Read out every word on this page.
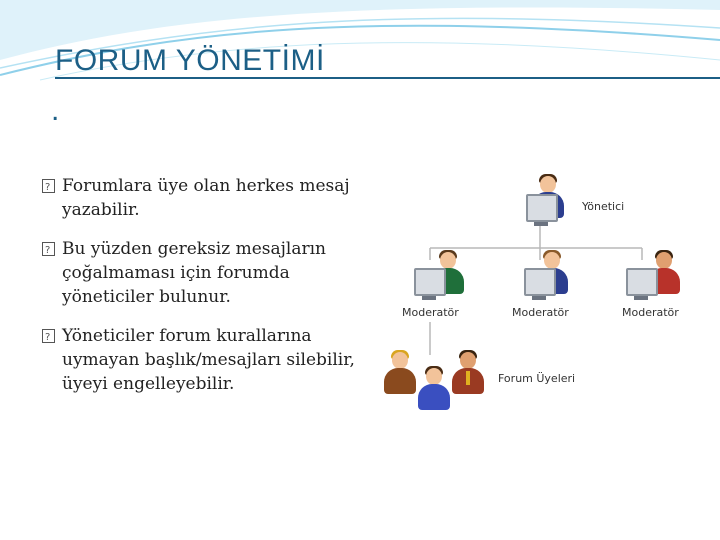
FORUM YÖNETİMİ
.
?
Forumlara üye olan herkes mesaj yazabilir.
?
Bu yüzden gereksiz mesajların çoğalmaması için forumda yöneticiler bulunur.
?
Yöneticiler forum kurallarına uymayan başlık/mesajları silebilir, üyeyi engelleyebilir.
Yönetici
Moderatör	Moderatör	Moderatör
Forum Üyeleri
